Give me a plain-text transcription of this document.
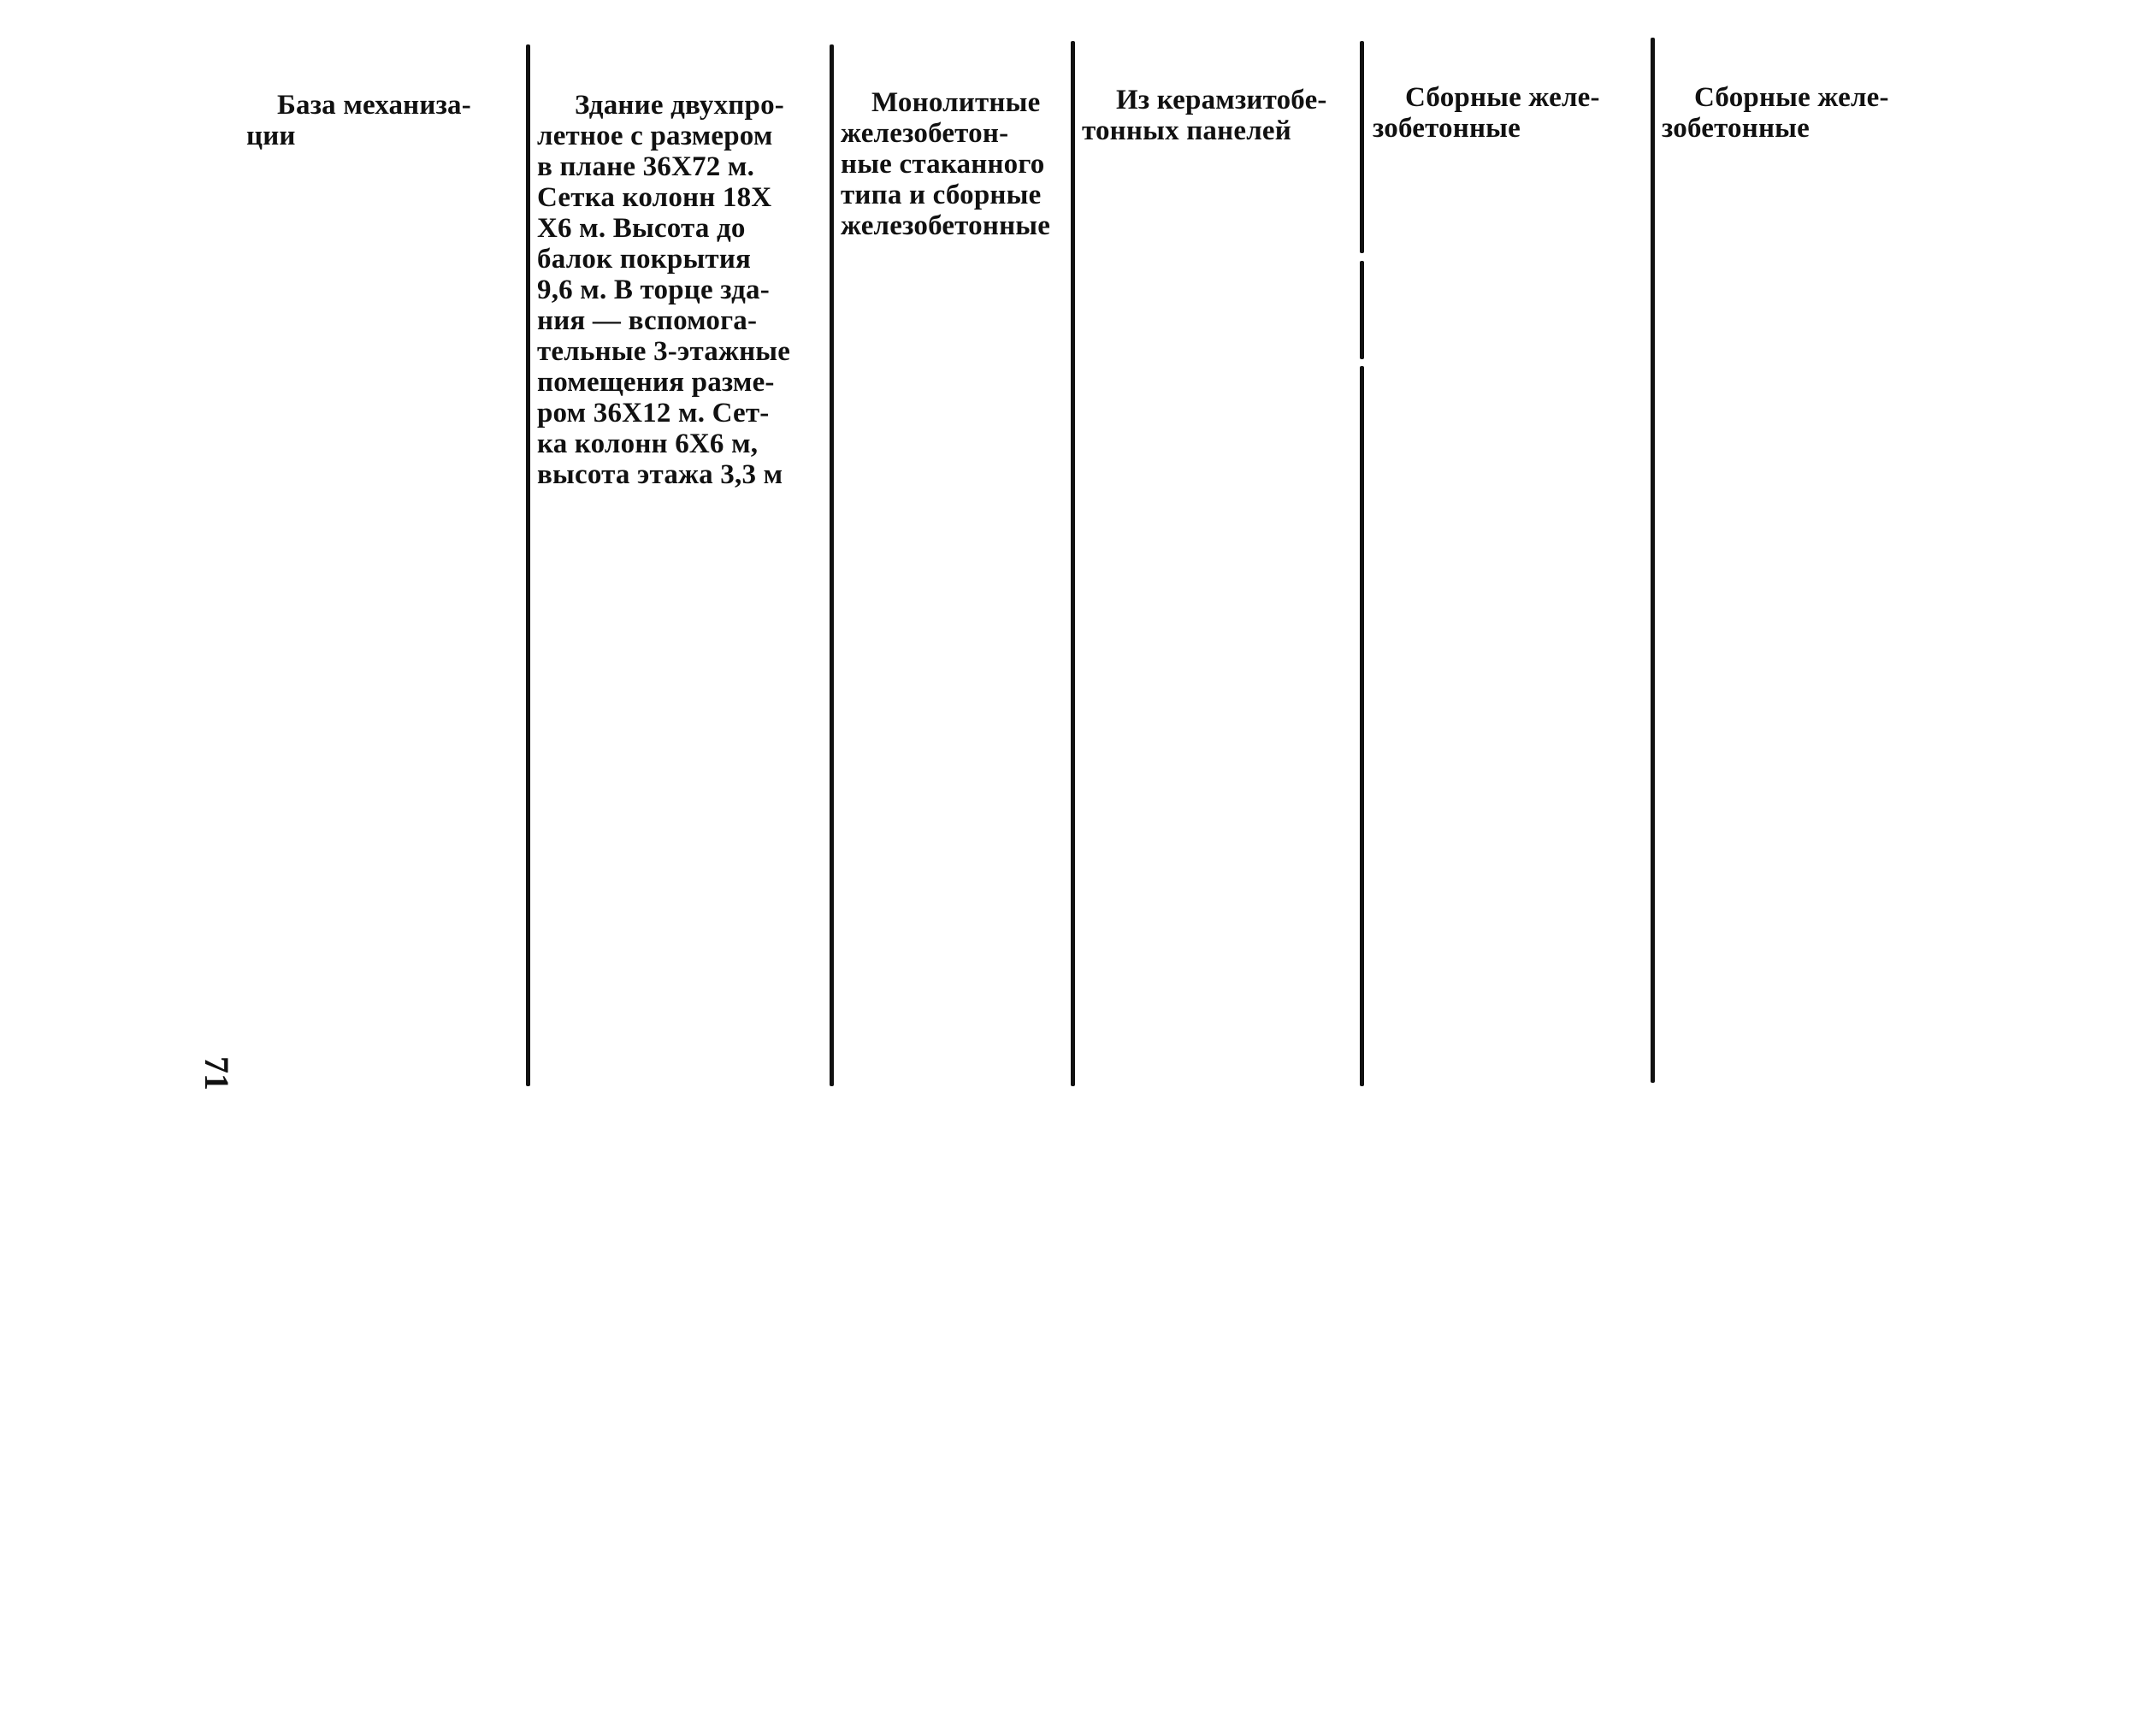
База механиза-
ции
Здание двухпро-
летное с размером
в плане 36Х72 м.
Сетка колонн 18Х
Х6 м. Высота до
балок покрытия
9,6 м. В торце зда-
ния — вспомога-
тельные 3-этажные
помещения разме-
ром 36Х12 м. Сет-
ка колонн 6Х6 м,
высота этажа 3,3 м
Монолитные
железобетон-
ные стаканного
типа и сборные
железобетонные
Из керамзитобе-
тонных панелей
Сборные желе-
зобетонные
Сборные желе-
зобетонные
71
